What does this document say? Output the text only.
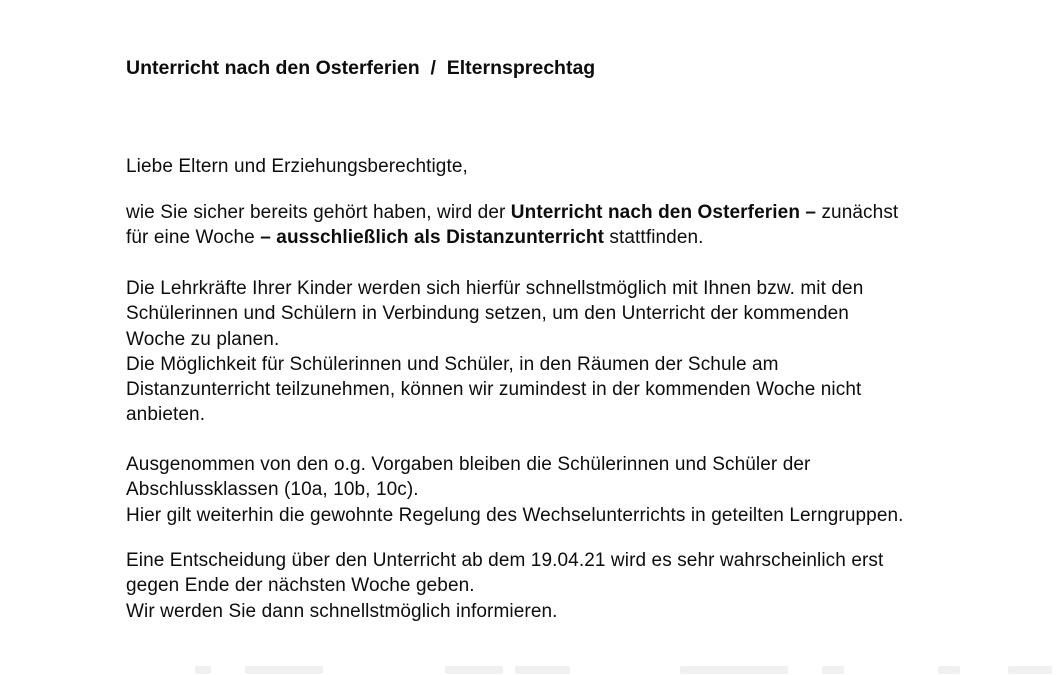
Unterricht nach den Osterferien  /  Elternsprechtag
Liebe Eltern und Erziehungsberechtigte,
wie Sie sicher bereits gehört haben, wird der Unterricht nach den Osterferien – zunächst
für eine Woche – ausschließlich als Distanzunterricht stattfinden.
Die Lehrkräfte Ihrer Kinder werden sich hierfür schnellstmöglich mit Ihnen bzw. mit den
Schülerinnen und Schülern in Verbindung setzen, um den Unterricht der kommenden
Woche zu planen.
Die Möglichkeit für Schülerinnen und Schüler, in den Räumen der Schule am
Distanzunterricht teilzunehmen, können wir zumindest in der kommenden Woche nicht
anbieten.
Ausgenommen von den o.g. Vorgaben bleiben die Schülerinnen und Schüler der
Abschlussklassen (10a, 10b, 10c).
Hier gilt weiterhin die gewohnte Regelung des Wechselunterrichts in geteilten Lerngruppen.
Eine Entscheidung über den Unterricht ab dem 19.04.21 wird es sehr wahrscheinlich erst
gegen Ende der nächsten Woche geben.
Wir werden Sie dann schnellstmöglich informieren.
